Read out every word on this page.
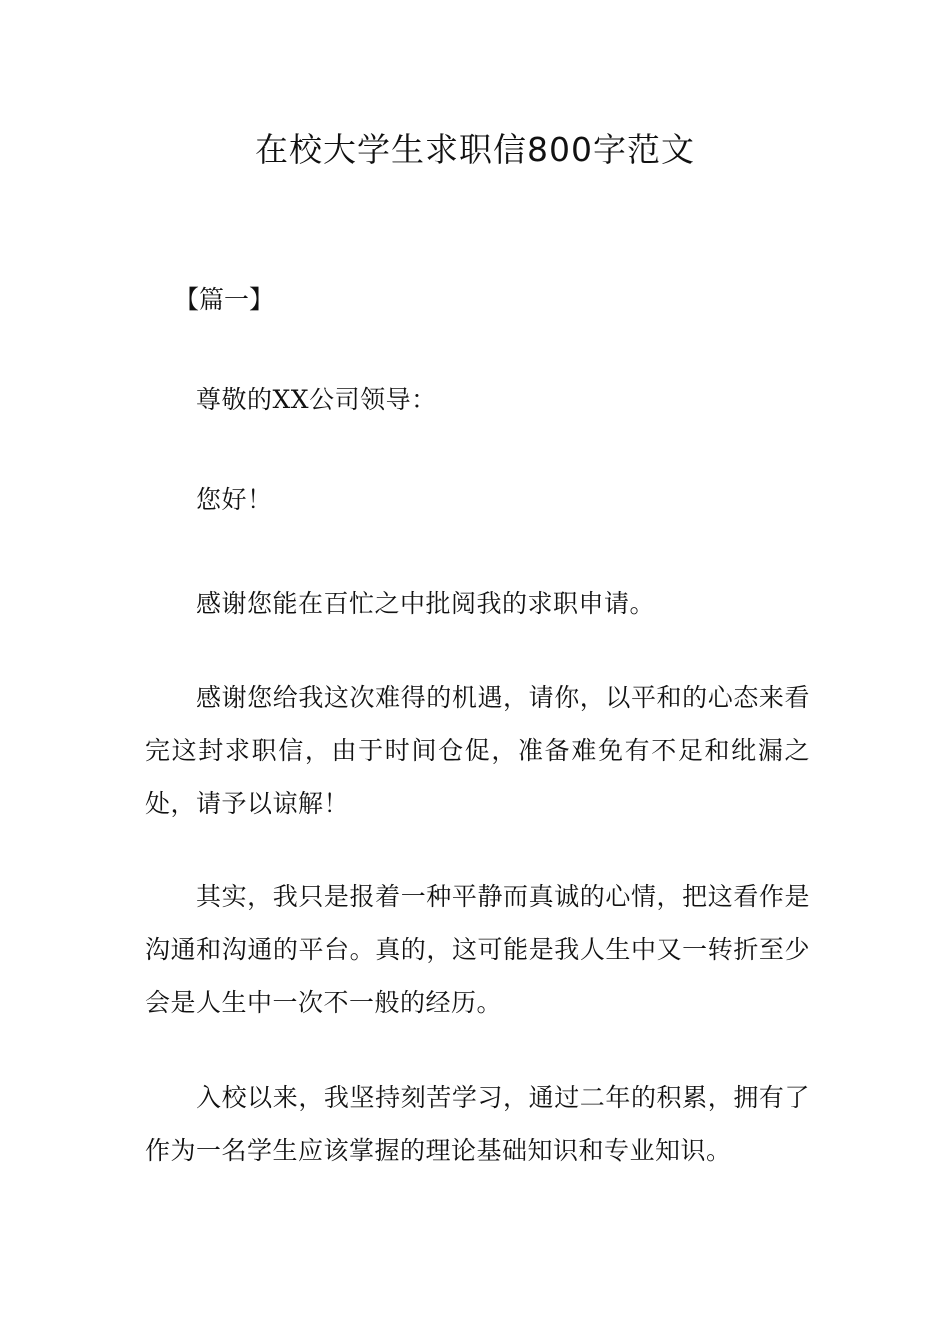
在校大学生求职信800字范文
【篇一】
尊敬的XX公司领导：
您好！
感谢您能在百忙之中批阅我的求职申请。
感谢您给我这次难得的机遇，请你，以平和的心态来看完这封求职信，由于时间仓促，准备难免有不足和纰漏之处，请予以谅解！
其实，我只是报着一种平静而真诚的心情，把这看作是沟通和沟通的平台。真的，这可能是我人生中又一转折至少会是人生中一次不一般的经历。
入校以来，我坚持刻苦学习，通过二年的积累，拥有了作为一名学生应该掌握的理论基础知识和专业知识。
